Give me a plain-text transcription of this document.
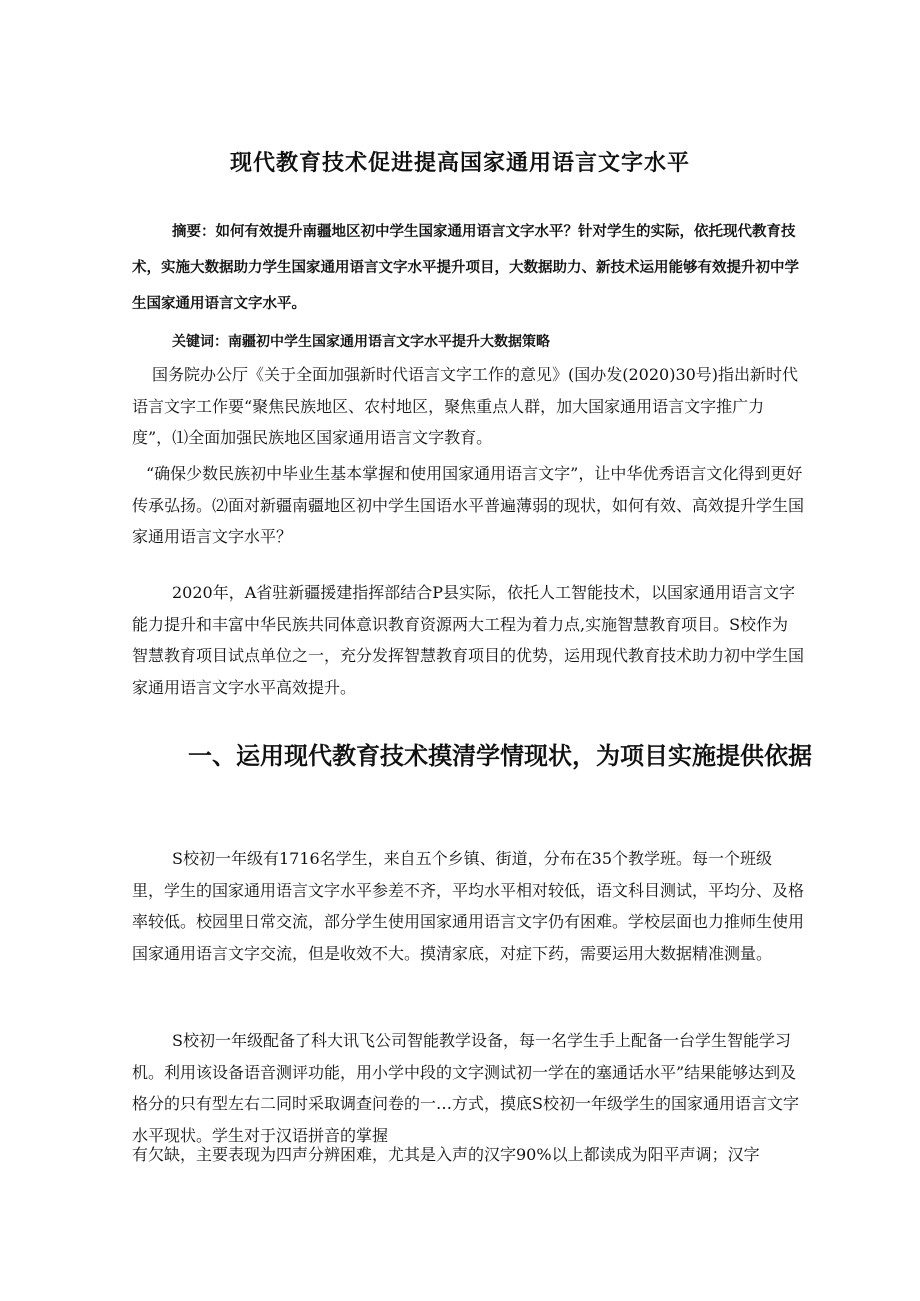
现代教育技术促进提高国家通用语言文字水平
摘要：如何有效提升南疆地区初中学生国家通用语言文字水平？针对学生的实际，依托现代教育技术，实施大数据助力学生国家通用语言文字水平提升项目，大数据助力、新技术运用能够有效提升初中学生国家通用语言文字水平。
关键词：南疆初中学生国家通用语言文字水平提升大数据策略
国务院办公厅《关于全面加强新时代语言文字工作的意见》(国办发(2020)30号)指出新时代语言文字工作要“聚焦民族地区、农村地区，聚焦重点人群，加大国家通用语言文字推广力度”，⑴全面加强民族地区国家通用语言文字教育。
“确保少数民族初中毕业生基本掌握和使用国家通用语言文字”，让中华优秀语言文化得到更好传承弘扬。⑵面对新疆南疆地区初中学生国语水平普遍薄弱的现状，如何有效、高效提升学生国家通用语言文字水平？
2020年，A省驻新疆援建指挥部结合P县实际，依托人工智能技术，以国家通用语言文字能力提升和丰富中华民族共同体意识教育资源两大工程为着力点,实施智慧教育项目。S校作为智慧教育项目试点单位之一，充分发挥智慧教育项目的优势，运用现代教育技术助力初中学生国家通用语言文字水平高效提升。
一、运用现代教育技术摸清学情现状，为项目实施提供依据
S校初一年级有1716名学生，来自五个乡镇、街道，分布在35个教学班。每一个班级里，学生的国家通用语言文字水平参差不齐，平均水平相对较低，语文科目测试，平均分、及格率较低。校园里日常交流，部分学生使用国家通用语言文字仍有困难。学校层面也力推师生使用国家通用语言文字交流，但是收效不大。摸清家底，对症下药，需要运用大数据精准测量。
S校初一年级配备了科大讯飞公司智能教学设备，每一名学生手上配备一台学生智能学习机。利用该设备语音测评功能，用小学中段的文字测试初一学在的塞通话水平”结果能够达到及格分的只有型左右二同时采取调查问卷的一…方式，摸底S校初一年级学生的国家通用语言文字水平现状。学生对于汉语拼音的掌握
有欠缺，主要表现为四声分辨困难，尤其是入声的汉字90%以上都读成为阳平声调；汉字
